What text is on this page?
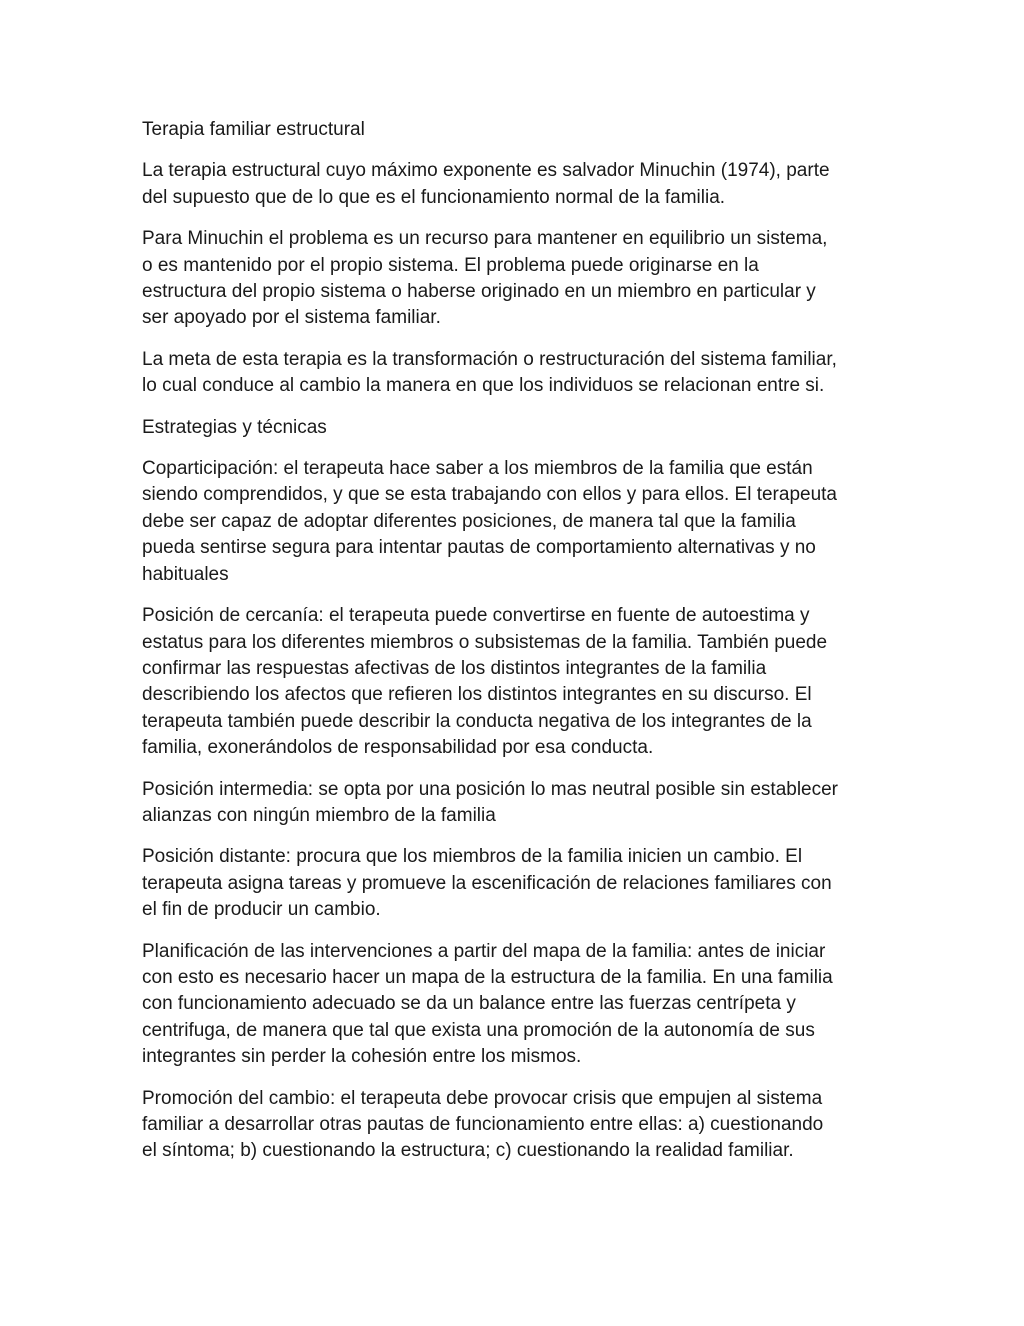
Terapia familiar estructural

La terapia estructural cuyo máximo exponente es salvador Minuchin (1974), parte
del supuesto que de lo que es el funcionamiento normal de la familia.

Para Minuchin el problema es un recurso para mantener en equilibrio un sistema,
o es mantenido por el propio sistema. El problema puede originarse en la
estructura del propio sistema o haberse originado en un miembro en particular y
ser apoyado por el sistema familiar.

La meta de esta terapia es la transformación o restructuración del sistema familiar,
lo cual conduce al cambio la manera en que los individuos se relacionan entre si.

Estrategias y técnicas

Coparticipación: el terapeuta hace saber a los miembros de la familia que están
siendo comprendidos, y que se esta trabajando con ellos y para ellos. El terapeuta
debe ser capaz de adoptar diferentes posiciones, de manera tal que la familia
pueda sentirse segura para intentar pautas de comportamiento alternativas y no
habituales

Posición de cercanía: el terapeuta puede convertirse en fuente de autoestima y
estatus para los diferentes miembros o subsistemas de la familia. También puede
confirmar las respuestas afectivas de los distintos integrantes de la familia
describiendo los afectos que refieren los distintos integrantes en su discurso. El
terapeuta también puede describir la conducta negativa de los integrantes de la
familia, exonerándolos de responsabilidad por esa conducta.

Posición intermedia: se opta por una posición lo mas neutral posible sin establecer
alianzas con ningún miembro de la familia

Posición distante: procura que los miembros de la familia inicien un cambio. El
terapeuta asigna tareas y promueve la escenificación de relaciones familiares con
el fin de producir un cambio.

Planificación de las intervenciones a partir del mapa de la familia: antes de iniciar
con esto es necesario hacer un mapa de la estructura de la familia. En una familia
con funcionamiento adecuado se da un balance entre las fuerzas centrípeta y
centrifuga, de manera que tal que exista una promoción de la autonomía de sus
integrantes sin perder la cohesión entre los mismos.

Promoción del cambio: el terapeuta debe provocar crisis que empujen al sistema
familiar a desarrollar otras pautas de funcionamiento entre ellas: a) cuestionando
el síntoma; b) cuestionando la estructura; c) cuestionando la realidad familiar.
